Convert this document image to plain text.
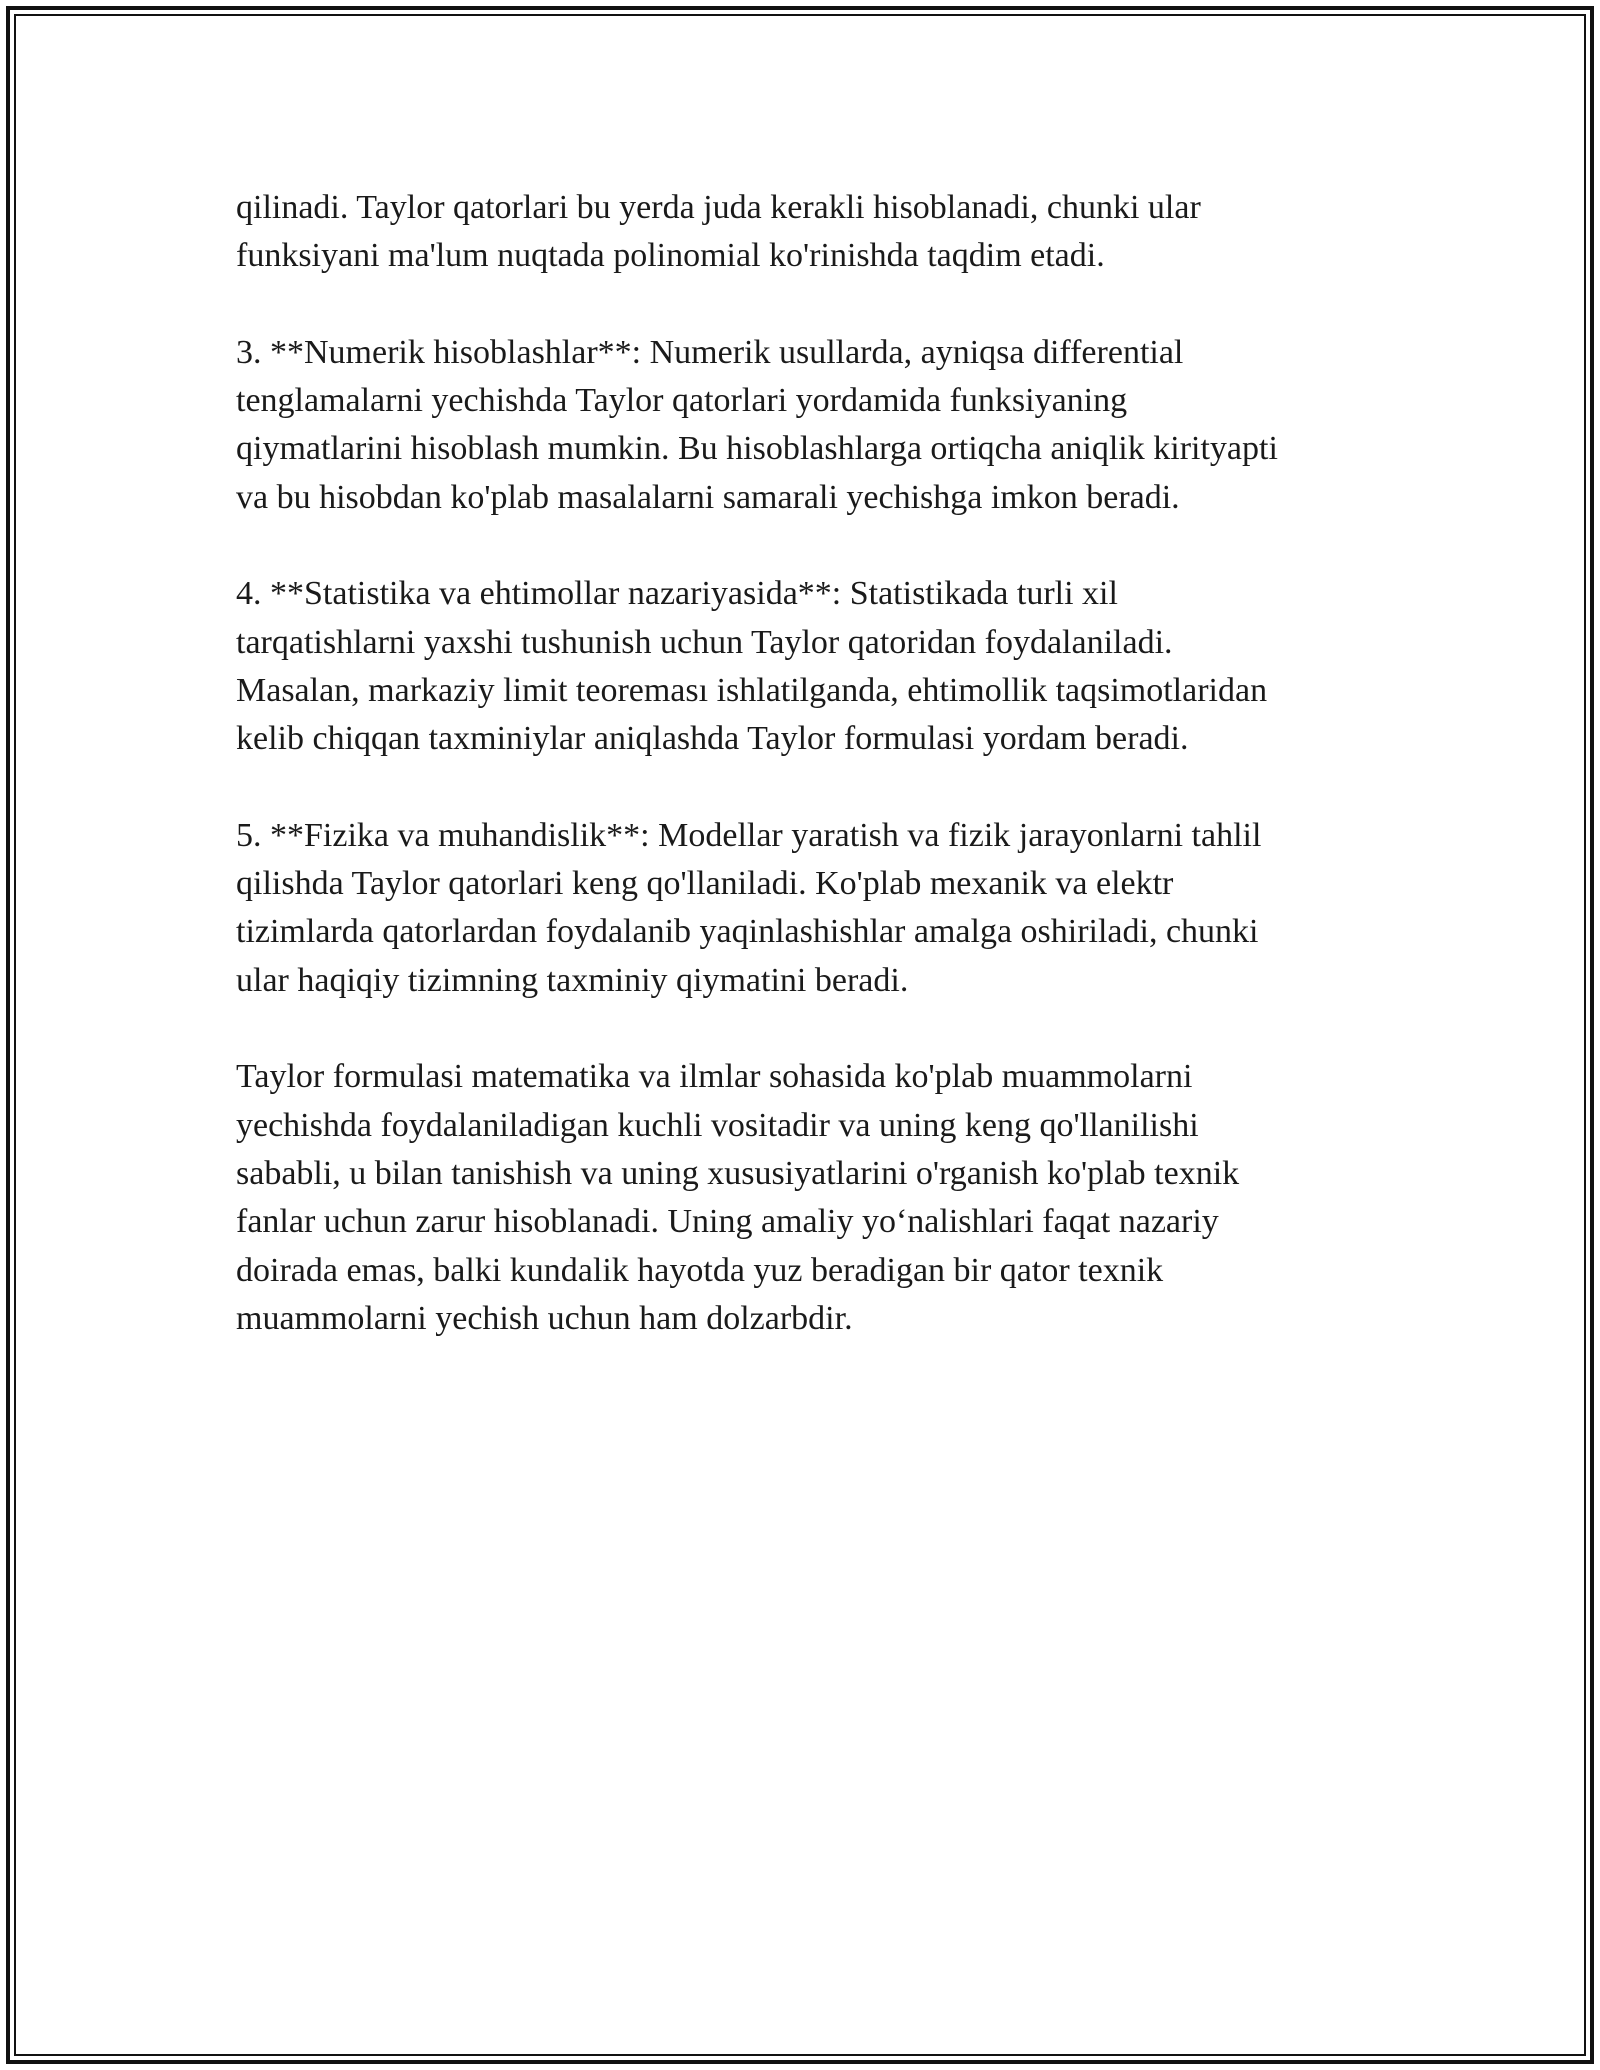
qilinadi. Taylor qatorlari bu yerda juda kerakli hisoblanadi, chunki ular
funksiyani ma'lum nuqtada polinomial ko'rinishda taqdim etadi.

3. **Numerik hisoblashlar**: Numerik usullarda, ayniqsa differential
tenglamalarni yechishda Taylor qatorlari yordamida funksiyaning
qiymatlarini hisoblash mumkin. Bu hisoblashlarga ortiqcha aniqlik kirityapti
va bu hisobdan ko'plab masalalarni samarali yechishga imkon beradi.

4. **Statistika va ehtimollar nazariyasida**: Statistikada turli xil
tarqatishlarni yaxshi tushunish uchun Taylor qatoridan foydalaniladi.
Masalan, markaziy limit teoreması ishlatilganda, ehtimollik taqsimotlaridan
kelib chiqqan taxminiylar aniqlashda Taylor formulasi yordam beradi.

5. **Fizika va muhandislik**: Modellar yaratish va fizik jarayonlarni tahlil
qilishda Taylor qatorlari keng qo'llaniladi. Ko'plab mexanik va elektr
tizimlarda qatorlardan foydalanib yaqinlashishlar amalga oshiriladi, chunki
ular haqiqiy tizimning taxminiy qiymatini beradi.

Taylor formulasi matematika va ilmlar sohasida ko'plab muammolarni
yechishda foydalaniladigan kuchli vositadir va uning keng qo'llanilishi
sababli, u bilan tanishish va uning xususiyatlarini o'rganish ko'plab texnik
fanlar uchun zarur hisoblanadi. Uning amaliy yoʻnalishlari faqat nazariy
doirada emas, balki kundalik hayotda yuz beradigan bir qator texnik
muammolarni yechish uchun ham dolzarbdir.
